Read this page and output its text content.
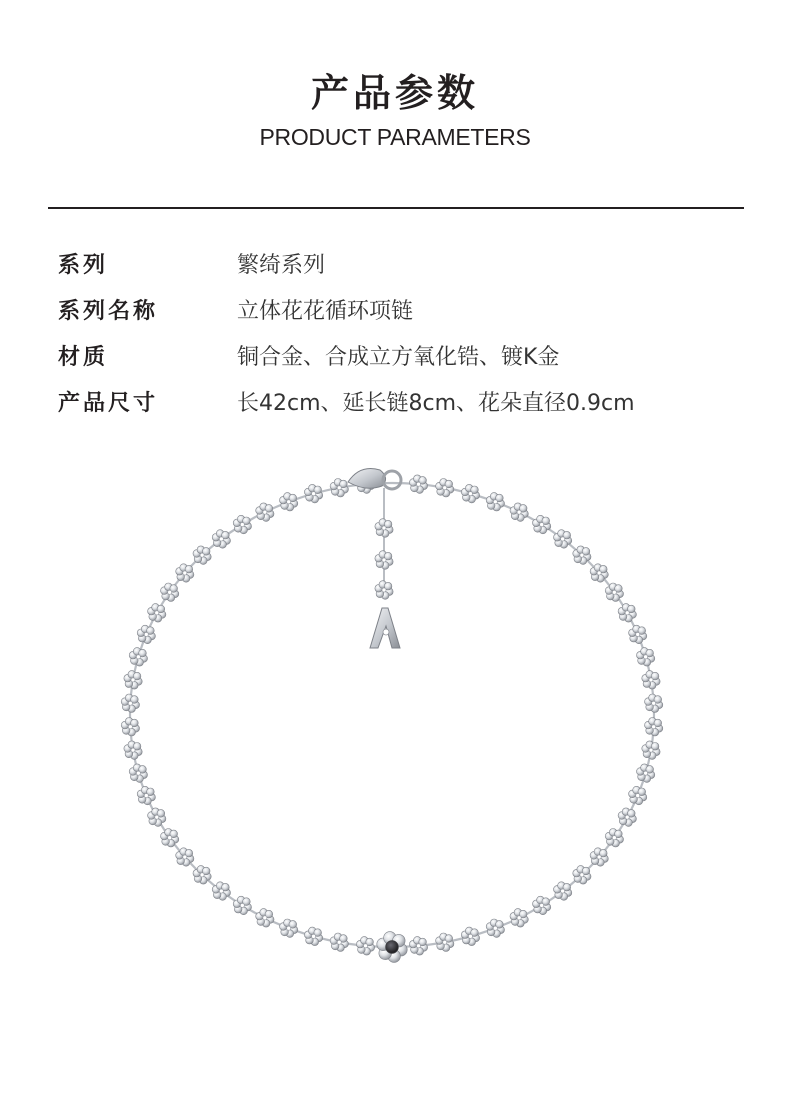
产品参数
PRODUCT PARAMETERS
系列	繁绮系列
系列名称	立体花花循环项链
材质	铜合金、合成立方氧化锆、镀K金
产品尺寸	长42cm、延长链8cm、花朵直径0.9cm
